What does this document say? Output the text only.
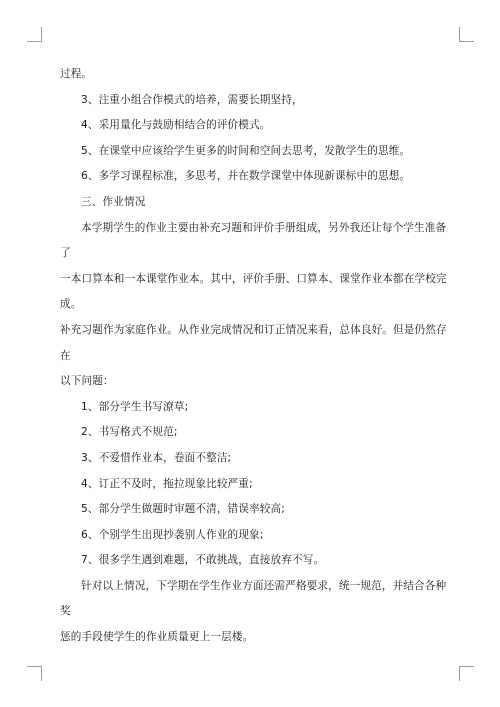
过程。

3、注重小组合作模式的培养，需要长期坚持，

4、采用量化与鼓励相结合的评价模式。

5、在课堂中应该给学生更多的时间和空间去思考，发散学生的思维。

6、多学习课程标准，多思考，并在数学课堂中体现新课标中的思想。

三、作业情况

本学期学生的作业主要由补充习题和评价手册组成，另外我还让每个学生准备了

一本口算本和一本课堂作业本。其中，评价手册、口算本、课堂作业本都在学校完成。

补充习题作为家庭作业。从作业完成情况和订正情况来看，总体良好。但是仍然存在

以下问题：

1、部分学生书写潦草;

2、书写格式不规范;

3、不爱惜作业本，卷面不整洁;

4、订正不及时，拖拉现象比较严重;

5、部分学生做题时审题不清，错误率较高;

6、个别学生出现抄袭别人作业的现象;

7、很多学生遇到难题，不敢挑战，直接放弃不写。

针对以上情况，下学期在学生作业方面还需严格要求，统一规范，并结合各种奖

惩的手段使学生的作业质量更上一层楼。
